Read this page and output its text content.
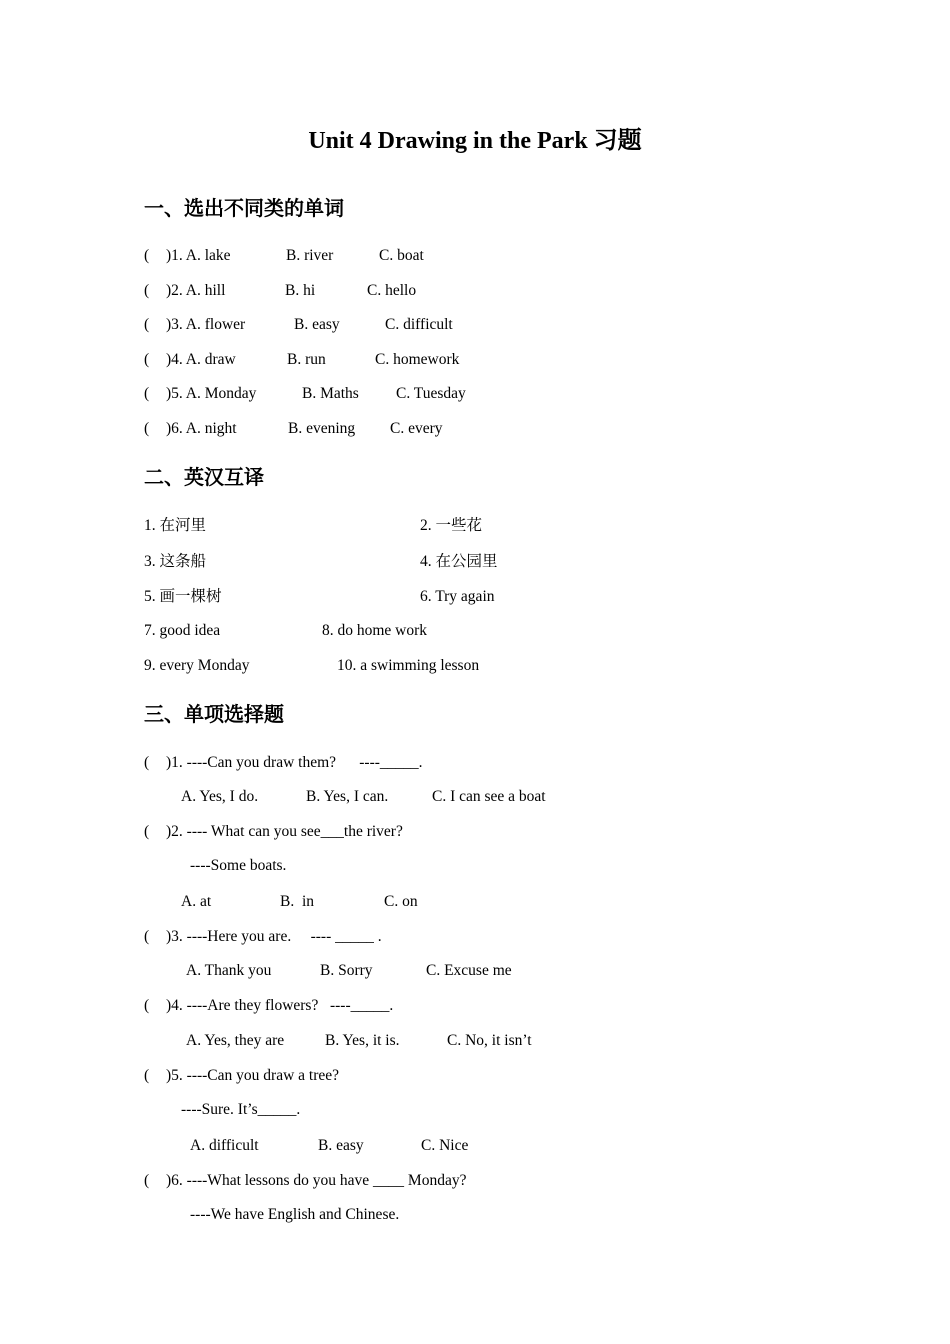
Unit 4 Drawing in the Park 习题
一、选出不同类的单词
( )1. A. lake	B. river	C. boat
( )2. A. hill	B. hi	C. hello
( )3. A. flower	B. easy	C. difficult
( )4. A. draw	B. run	C. homework
( )5. A. Monday	B. Maths C. Tuesday
( )6. A. night	B. evening C. every
二、英汉互译
1. 在河里	2. 一些花
3. 这条船	4. 在公园里
5. 画一棵树	6. Try again
7. good idea	8. do home work
9. every Monday	10. a swimming lesson
三、单项选择题
( )1. ----Can you draw them?      ----_____.
A. Yes, I do.	B. Yes, I can.	C. I can see a boat
( )2. ---- What can you see___the river?
----Some boats.
A. at	B.  in	C. on
( )3. ----Here you are.     ---- _____ .
A. Thank you	B. Sorry	C. Excuse me
( )4. ----Are they flowers?   ----_____.
A. Yes, they are	B. Yes, it is.	C. No, it isn’t
( )5. ----Can you draw a tree?
----Sure. It’s_____.
A. difficult	B. easy	C. Nice
( )6. ----What lessons do you have ____ Monday?
----We have English and Chinese.
